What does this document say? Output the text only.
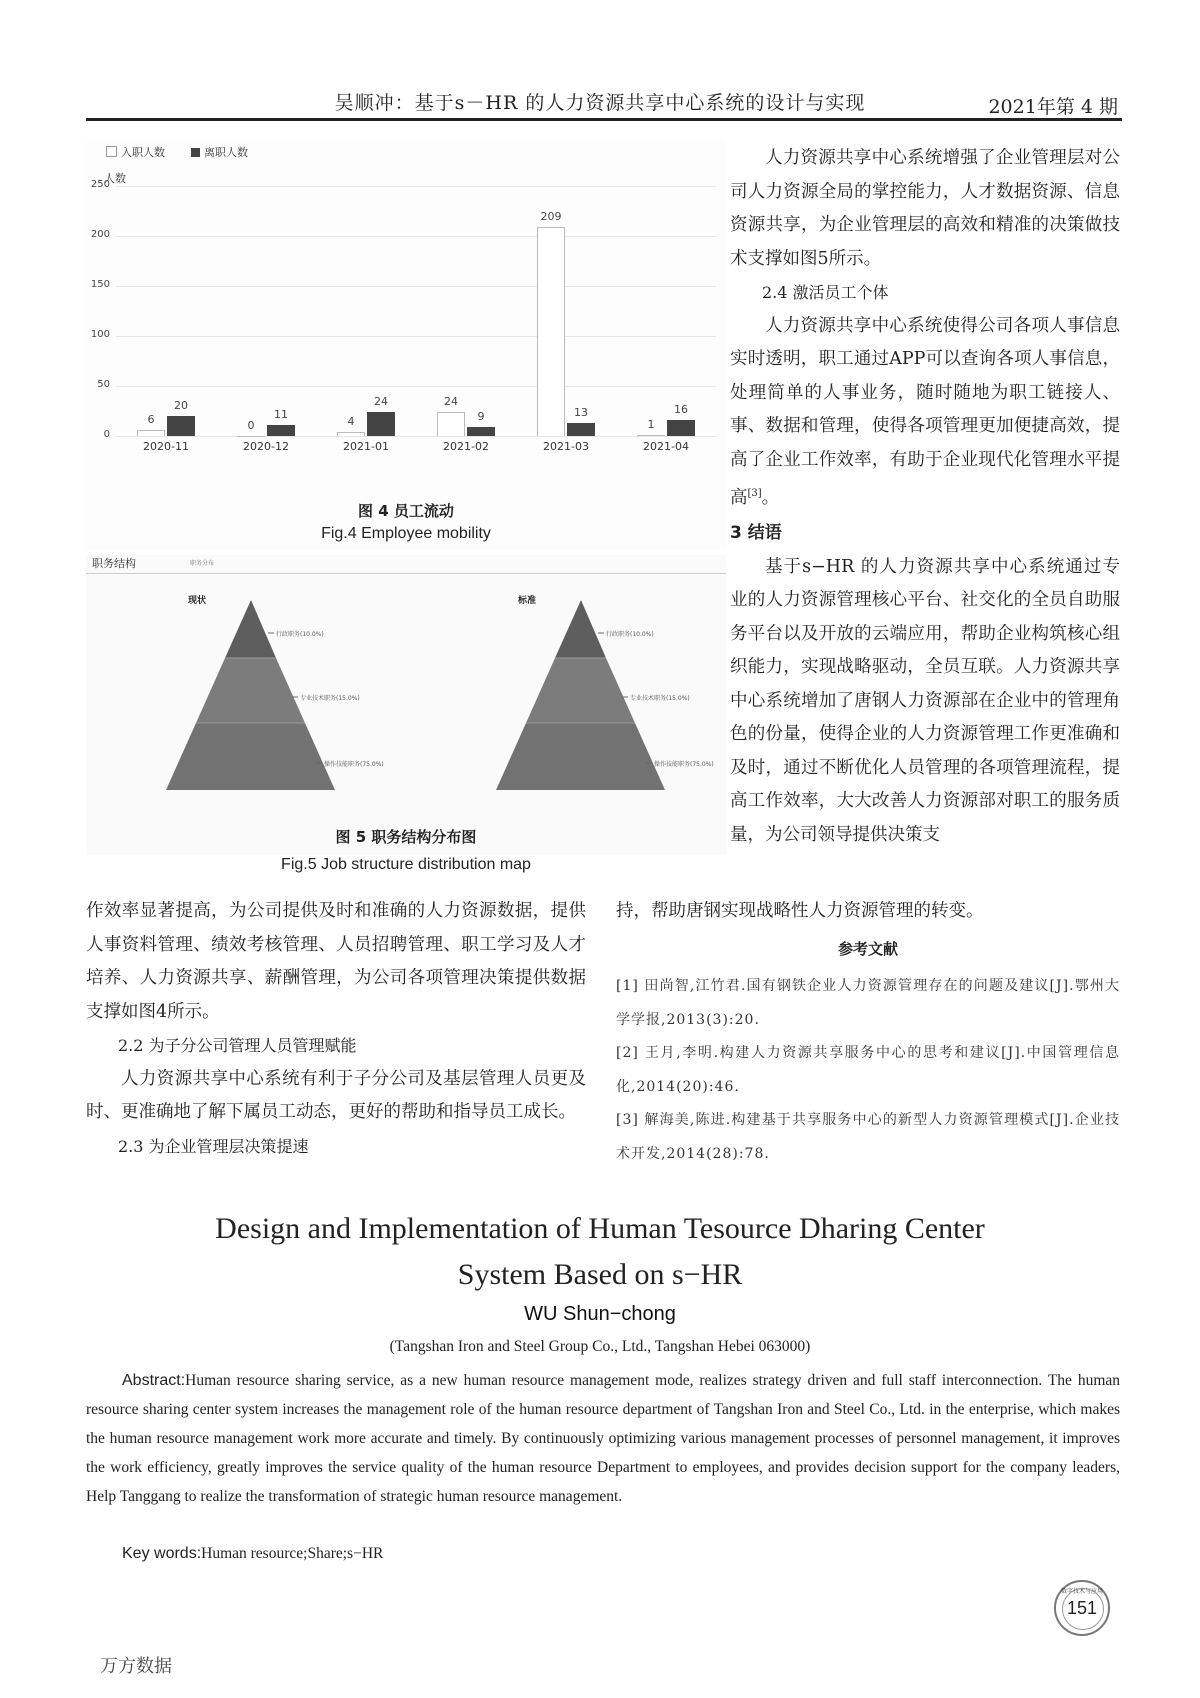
吴顺冲：基于s－HR 的人力资源共享中心系统的设计与实现	2021年第 4 期
入职人数	离职人数
人数
250
200
150
100
50
0
6
20
2020-11
0
11
2020-12
4
24
2021-01
24
9
2021-02
209
13
2021-03
1
16
2021-04
图 4 员工流动
Fig.4 Employee mobility
职务结构	职务分布
现状	标准
行政职务(10.0%)
专业技术职务(15.0%)
操作技能职务(75.0%)
行政职务(10.0%)
专业技术职务(15.0%)
操作技能职务(75.0%)
图 5 职务结构分布图
Fig.5 Job structure distribution map

人力资源共享中心系统增强了企业管理层对公司人力资源全局的掌控能力，人才数据资源、信息资源共享，为企业管理层的高效和精准的决策做技术支撑如图5所示。

2.4 激活员工个体

人力资源共享中心系统使得公司各项人事信息实时透明，职工通过APP可以查询各项人事信息，处理简单的人事业务，随时随地为职工链接人、事、数据和管理，使得各项管理更加便捷高效，提高了企业工作效率，有助于企业现代化管理水平提高[3]。

3 结语

基于s−HR 的人力资源共享中心系统通过专业的人力资源管理核心平台、社交化的全员自助服务平台以及开放的云端应用，帮助企业构筑核心组织能力，实现战略驱动，全员互联。人力资源共享中心系统增加了唐钢人力资源部在企业中的管理角色的份量，使得企业的人力资源管理工作更准确和及时，通过不断优化人员管理的各项管理流程，提高工作效率，大大改善人力资源部对职工的服务质量，为公司领导提供决策支

作效率显著提高，为公司提供及时和准确的人力资源数据，提供人事资料管理、绩效考核管理、人员招聘管理、职工学习及人才培养、人力资源共享、薪酬管理，为公司各项管理决策提供数据支撑如图4所示。

2.2 为子分公司管理人员管理赋能

人力资源共享中心系统有利于子分公司及基层管理人员更及时、更准确地了解下属员工动态，更好的帮助和指导员工成长。

2.3 为企业管理层决策提速

持，帮助唐钢实现战略性人力资源管理的转变。

参考文献

[1] 田尚智,江竹君.国有钢铁企业人力资源管理存在的问题及建议[J].鄂州大学学报,2013(3):20.

[2] 王月,李明.构建人力资源共享服务中心的思考和建议[J].中国管理信息化,2014(20):46.

[3] 解海美,陈进.构建基于共享服务中心的新型人力资源管理模式[J].企业技术开发,2014(28):78.

Design and Implementation of Human Tesource Dharing Center
System Based on s−HR
WU Shun−chong
(Tangshan Iron and Steel Group Co., Ltd., Tangshan Hebei 063000)
Abstract:Human resource sharing service, as a new human resource management mode, realizes strategy driven and full staff interconnection. The human resource sharing center system increases the management role of the human resource department of Tangshan Iron and Steel Co., Ltd. in the enterprise, which makes the human resource management work more accurate and timely. By continuously optimizing various management processes of personnel management, it improves the work efficiency, greatly improves the service quality of the human resource Department to employees, and provides decision support for the company leaders, Help Tanggang to realize the transformation of strategic human resource management.
Key words:Human resource;Share;s−HR
数字技术与应用
151
万方数据
